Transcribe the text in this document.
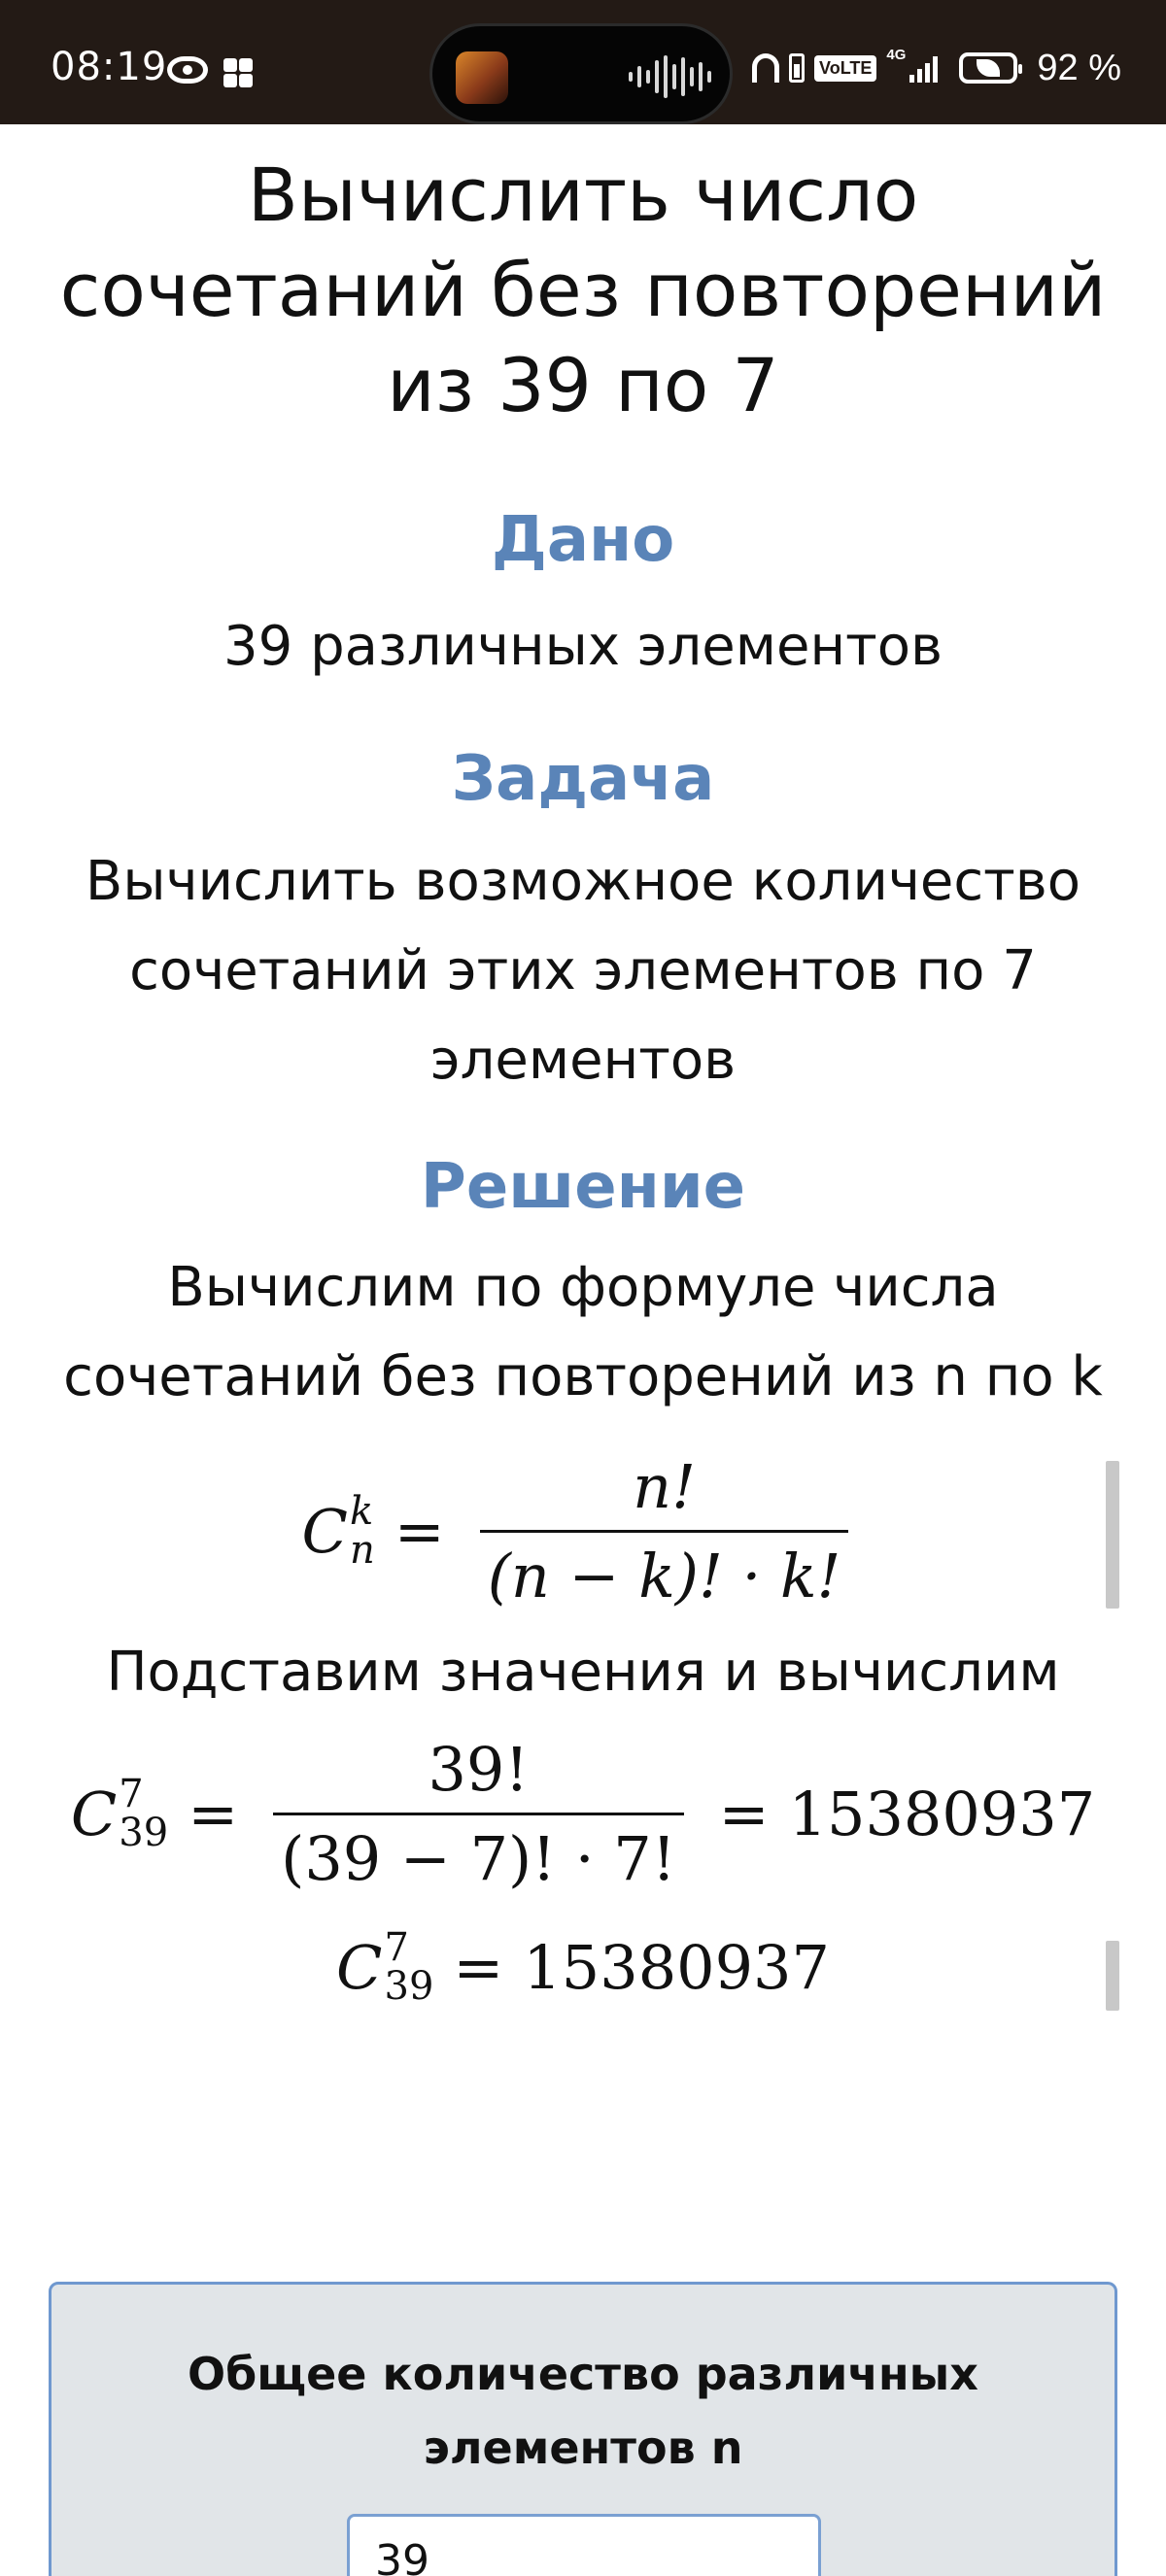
08:19	VoLTE
4G	92 %
Вычислить число сочетаний без повторений из 39 по 7
Дано

39 различных элементов

Задача

Вычислить возможное количество сочетаний этих элементов по 7 элементов

Решение

Вычислим по формуле числа сочетаний без повторений из n по k

C k
$n = \frac{n!}{(n - k)! \cdot k!}$

Подставим значения и вычислим

C 7
$39 = \frac{39!}{(39 - 7)! \cdot 7!} = 15380937$
C 7
39 = 15380937

Общее количество различных элементов n

39
